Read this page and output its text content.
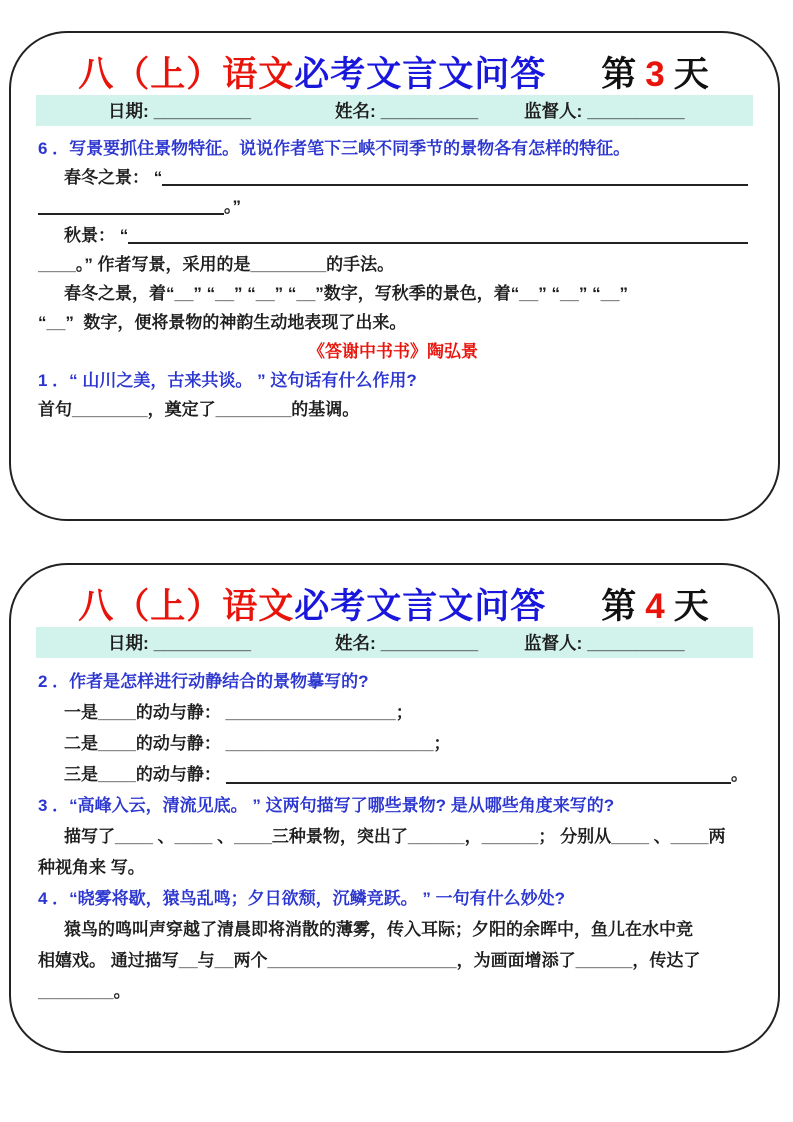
八（上）语文 必考文言文问答 第 3 天
日期: __________	姓名: __________	监督人: __________
6 ．写景要抓住景物特征。说说作者笔下三峡不同季节的景物各有怎样的特征。
春冬之景： “
。”
秋景： “
____。” 作者写景，采用的是________的手法。
春冬之景，着“__” “__” “__” “__”数字，写秋季的景色，着“__” “__” “__”
“__”  数字，便将景物的神韵生动地表现了出来。
《答谢中书书》陶弘景
1 ．“ 山川之美，古来共谈。 ” 这句话有什么作用?
首句________，奠定了________的基调。
八（上）语文 必考文言文问答 第 4 天
日期: __________	姓名: __________	监督人: __________
2 ．作者是怎样进行动静结合的景物摹写的?
一是____的动与静： __________________；
二是____的动与静： ______________________；
三是____的动与静：	。
3 ．“高峰入云，清流见底。 ” 这两句描写了哪些景物? 是从哪些角度来写的?
描写了____ 、____ 、____三种景物，突出了______，______； 分别从____ 、____两
种视角来 写。
4 ．“晓雾将歇，猿鸟乱鸣；夕日欲颓，沉鳞竞跃。 ” 一句有什么妙处?
猿鸟的鸣叫声穿越了清晨即将消散的薄雾，传入耳际；夕阳的余晖中，鱼儿在水中竞
相嬉戏。 通过描写__与__两个____________________，为画面增添了______，传达了
________。
